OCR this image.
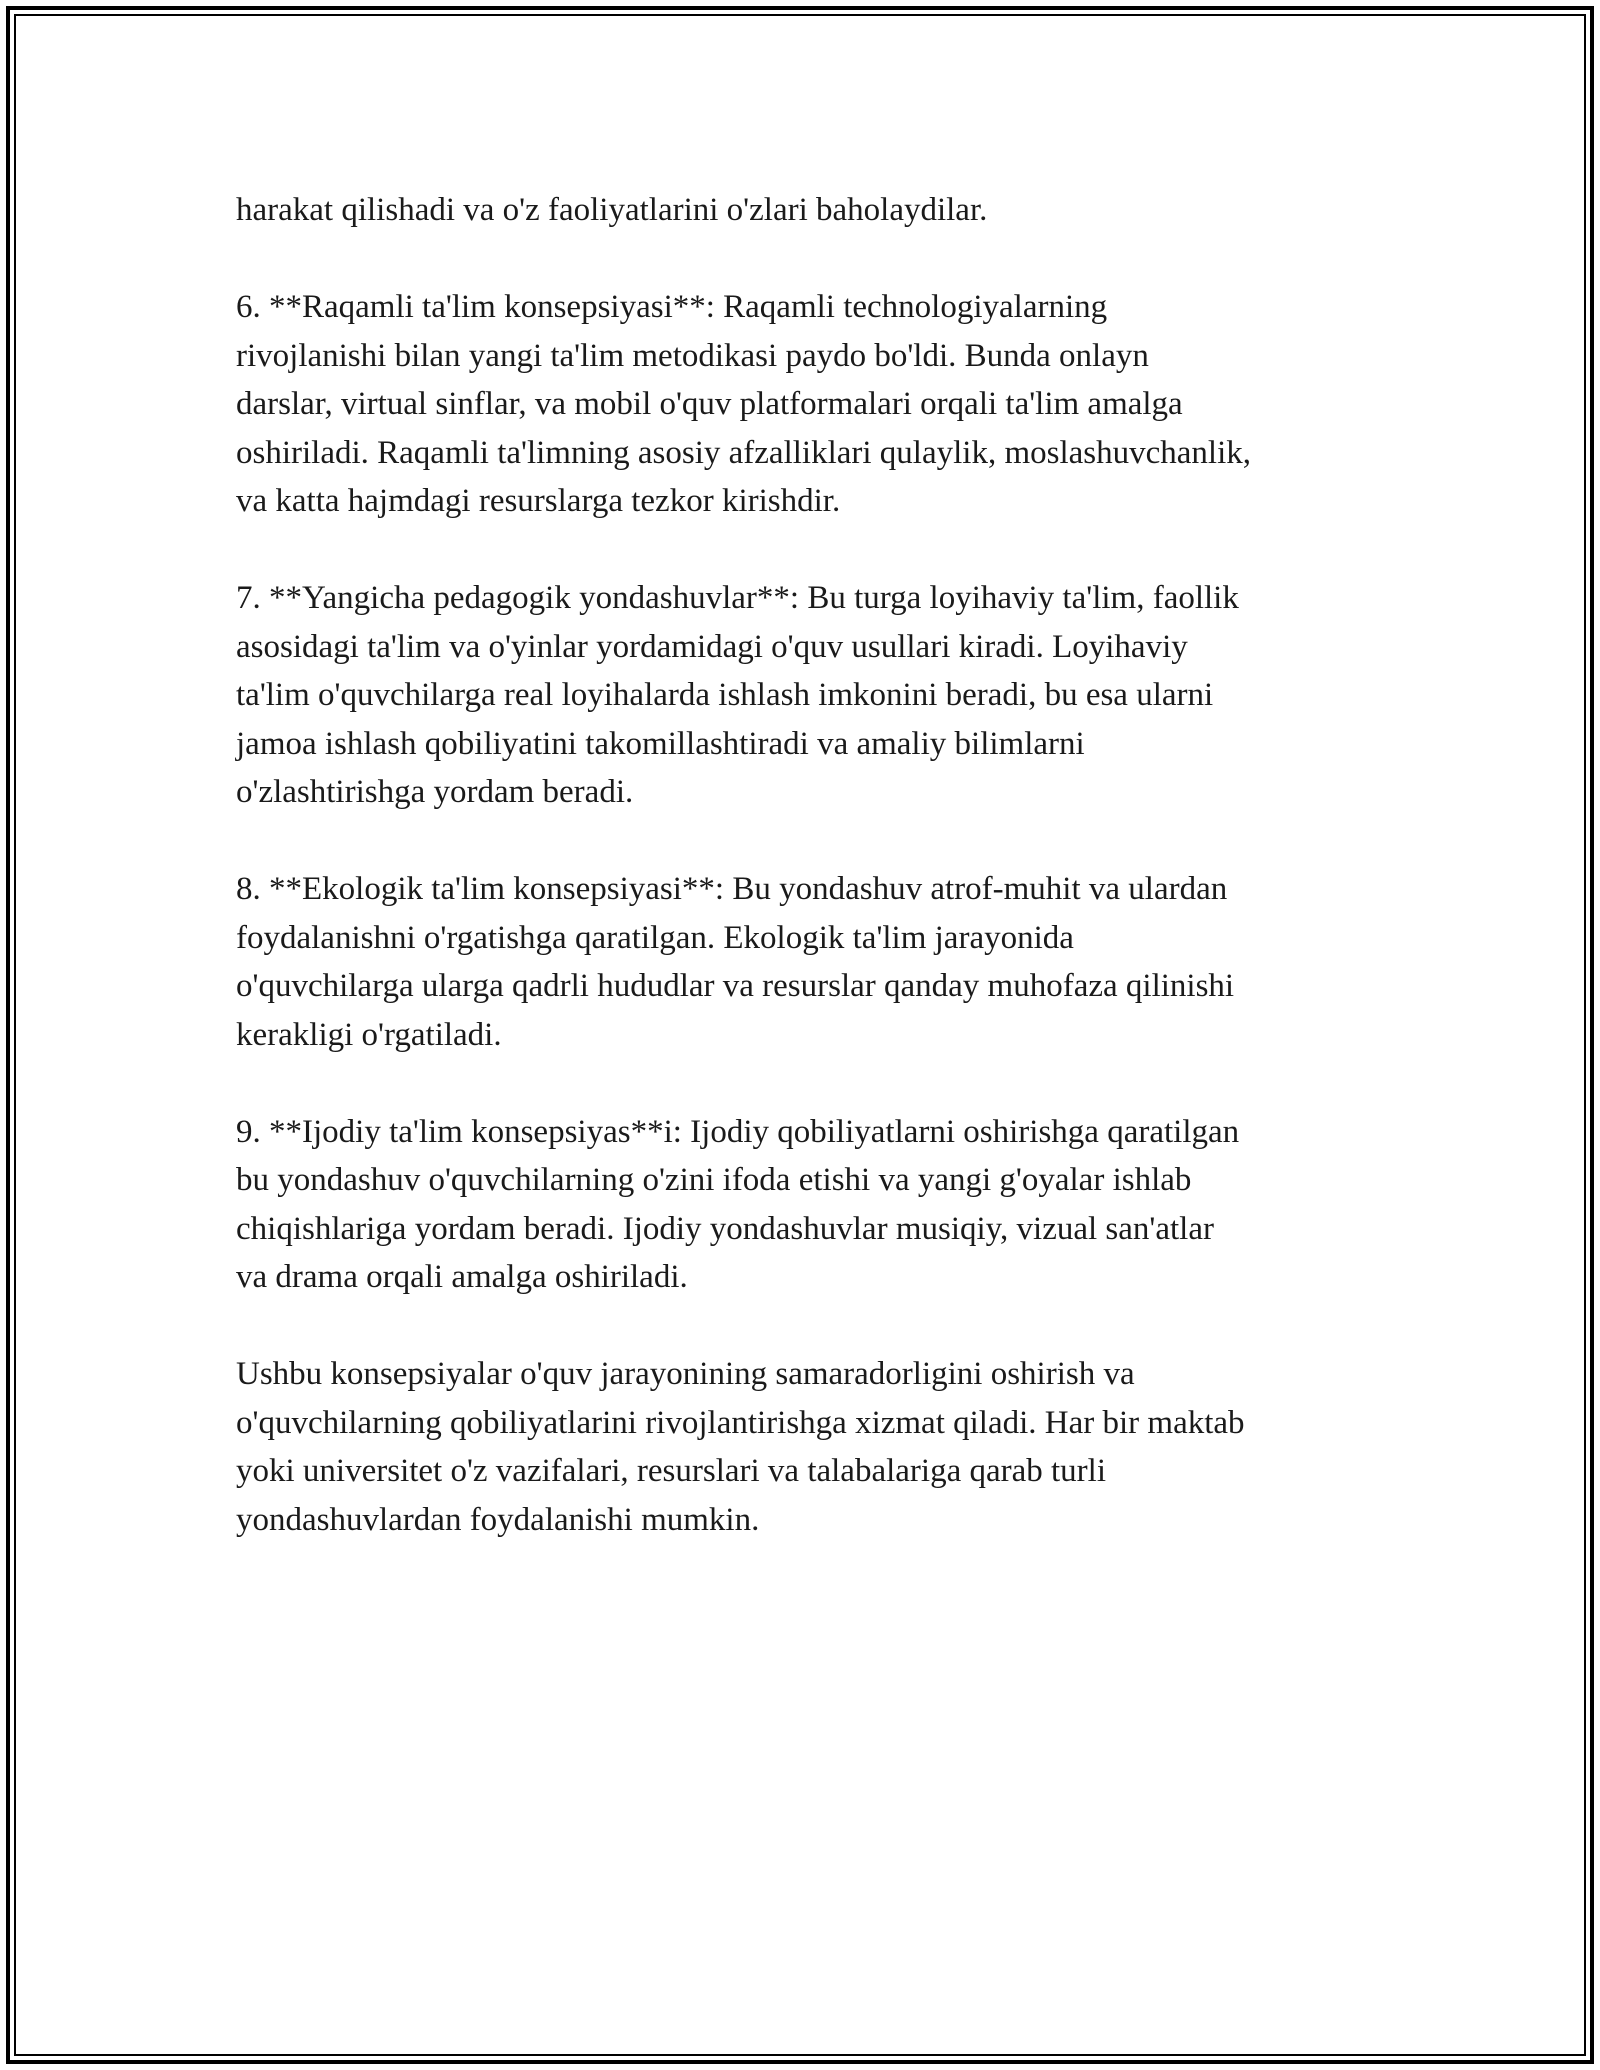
harakat qilishadi va o'z faoliyatlarini o'zlari baholaydilar.

6. **Raqamli ta'lim konsepsiyasi**: Raqamli technologiyalarning
rivojlanishi bilan yangi ta'lim metodikasi paydo bo'ldi. Bunda onlayn
darslar, virtual sinflar, va mobil o'quv platformalari orqali ta'lim amalga
oshiriladi. Raqamli ta'limning asosiy afzalliklari qulaylik, moslashuvchanlik,
va katta hajmdagi resurslarga tezkor kirishdir.

7. **Yangicha pedagogik yondashuvlar**: Bu turga loyihaviy ta'lim, faollik
asosidagi ta'lim va o'yinlar yordamidagi o'quv usullari kiradi. Loyihaviy
ta'lim o'quvchilarga real loyihalarda ishlash imkonini beradi, bu esa ularni
jamoa ishlash qobiliyatini takomillashtiradi va amaliy bilimlarni
o'zlashtirishga yordam beradi.

8. **Ekologik ta'lim konsepsiyasi**: Bu yondashuv atrof-muhit va ulardan
foydalanishni o'rgatishga qaratilgan. Ekologik ta'lim jarayonida
o'quvchilarga ularga qadrli hududlar va resurslar qanday muhofaza qilinishi
kerakligi o'rgatiladi.

9. **Ijodiy ta'lim konsepsiyas**i: Ijodiy qobiliyatlarni oshirishga qaratilgan
bu yondashuv o'quvchilarning o'zini ifoda etishi va yangi g'oyalar ishlab
chiqishlariga yordam beradi. Ijodiy yondashuvlar musiqiy, vizual san'atlar
va drama orqali amalga oshiriladi.

Ushbu konsepsiyalar o'quv jarayonining samaradorligini oshirish va
o'quvchilarning qobiliyatlarini rivojlantirishga xizmat qiladi. Har bir maktab
yoki universitet o'z vazifalari, resurslari va talabalariga qarab turli
yondashuvlardan foydalanishi mumkin.
